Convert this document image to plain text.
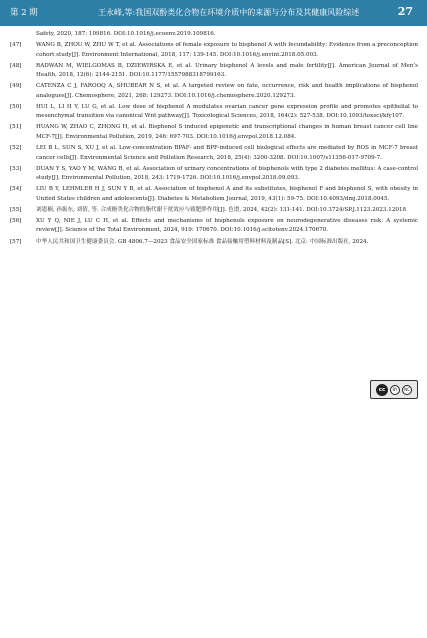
第 2 期	王永峰,等:我国双酚类化合物在环境介质中的来源与分布及其健康风险综述	27
Safety, 2020, 187: 109816. DOI:10.1016/j.ecoenv.2019.109816.
[47]	WANG B, ZHOU W, ZHU W T, et al. Associations of female exposure to bisphenol A with fecundability: Evidence from a preconception cohort study[J]. Environment International, 2018, 117: 139-145. DOI:10.1016/j.envint.2018.05.003.
[48]	RADWAN M, WIELGOMAS B, DZIEWIRSKA E, et al. Urinary bisphenol A levels and male fertility[J]. American Journal of Men’s Health, 2018, 12(6): 2144-2151. DOI:10.1177/1557988318799163.
[49]	CATENZA C J, FAROOQ A, SHUBEAR N S, et al. A targeted review on fate, occurrence, risk and health implications of bisphenol analogues[J]. Chemosphere, 2021, 268: 129273. DOI:10.1016/j.chemosphere.2020.129273.
[50]	HUI L, LI H Y, LU G, et al. Low dose of bisphenol A modulates ovarian cancer gene expression profile and promotes epithelial to mesenchymal transition via canonical Wnt pathway[J]. Toxicological Sciences, 2018, 164(2): 527-538. DOI:10.1093/toxsci/kfy107.
[51]	HUANG W, ZHAO C, ZHONG H, et al. Bisphenol S induced epigenetic and transcriptional changes in human breast cancer cell line MCF-7[J]. Environmental Pollution, 2019, 246: 697-703. DOI:10.1016/j.envpol.2018.12.084.
[52]	LEI B L, SUN S, XU J, et al. Low-concentration BPAF- and BPF-induced cell biological effects are mediated by ROS in MCF-7 breast cancer cells[J]. Environmental Science and Pollution Research, 2018, 25(4): 3200-3208. DOI:10.1007/s11356-017-9709-7.
[53]	DUAN Y S, YAO Y M, WANG B, et al. Association of urinary concentrations of bisphenols with type 2 diabetes mellitus: A case-control study[J]. Environmental Pollution, 2018, 243: 1719-1726. DOI:10.1016/j.envpol.2018.09.093.
[54]	LIU B Y, LEHMLER H J, SUN Y B, et al. Association of bisphenol A and its substitutes, bisphenol F and bisphenol S, with obesity in United States children and adolescents[J]. Diabetes & Metabolism Journal, 2019, 43(1): 59-75. DOI:10.4093/dmj.2018.0045.
[55]	刘恩楠, 孙振东, 刘倩, 等. 合成酚类化合物的脂代谢干扰效应与致肥胖作用[J]. 色谱, 2024, 42(2): 131-141. DOI:10.3724/SP.J.1123.2023.12018
[56]	XU Y Q, NIE J, LU C H, et al. Effects and mechanisms of bisphenols exposure on neurodegenerative diseases risk: A systemic review[J]. Science of the Total Environment, 2024, 919: 170670. DOI:10.1016/j.scitotenv.2024.170670.
[57]	中华人民共和国卫生健康委员会. GB 4806.7—2023 食品安全国家标准 食品接触用塑料材料及制品[S]. 北京: 中国标准出版社, 2024.
cc	BY	NC
